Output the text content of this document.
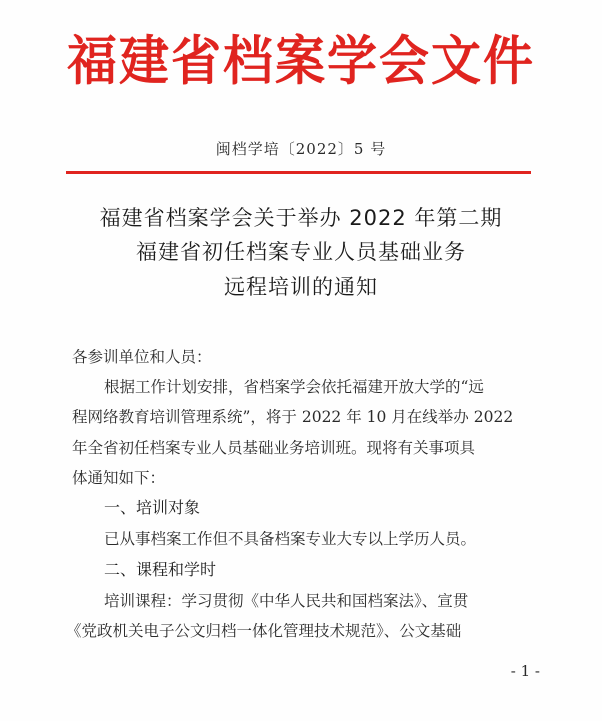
福建省档案学会文件
闽档学培〔2022〕5 号
福建省档案学会关于举办 2022 年第二期
福建省初任档案专业人员基础业务
远程培训的通知
各参训单位和人员：
根据工作计划安排，省档案学会依托福建开放大学的“远
程网络教育培训管理系统”，将于 2022 年 10 月在线举办 2022
年全省初任档案专业人员基础业务培训班。现将有关事项具
体通知如下：
一、培训对象
已从事档案工作但不具备档案专业大专以上学历人员。
二、课程和学时
培训课程：学习贯彻《中华人民共和国档案法》、宣贯
《党政机关电子公文归档一体化管理技术规范》、公文基础
- 1 -
